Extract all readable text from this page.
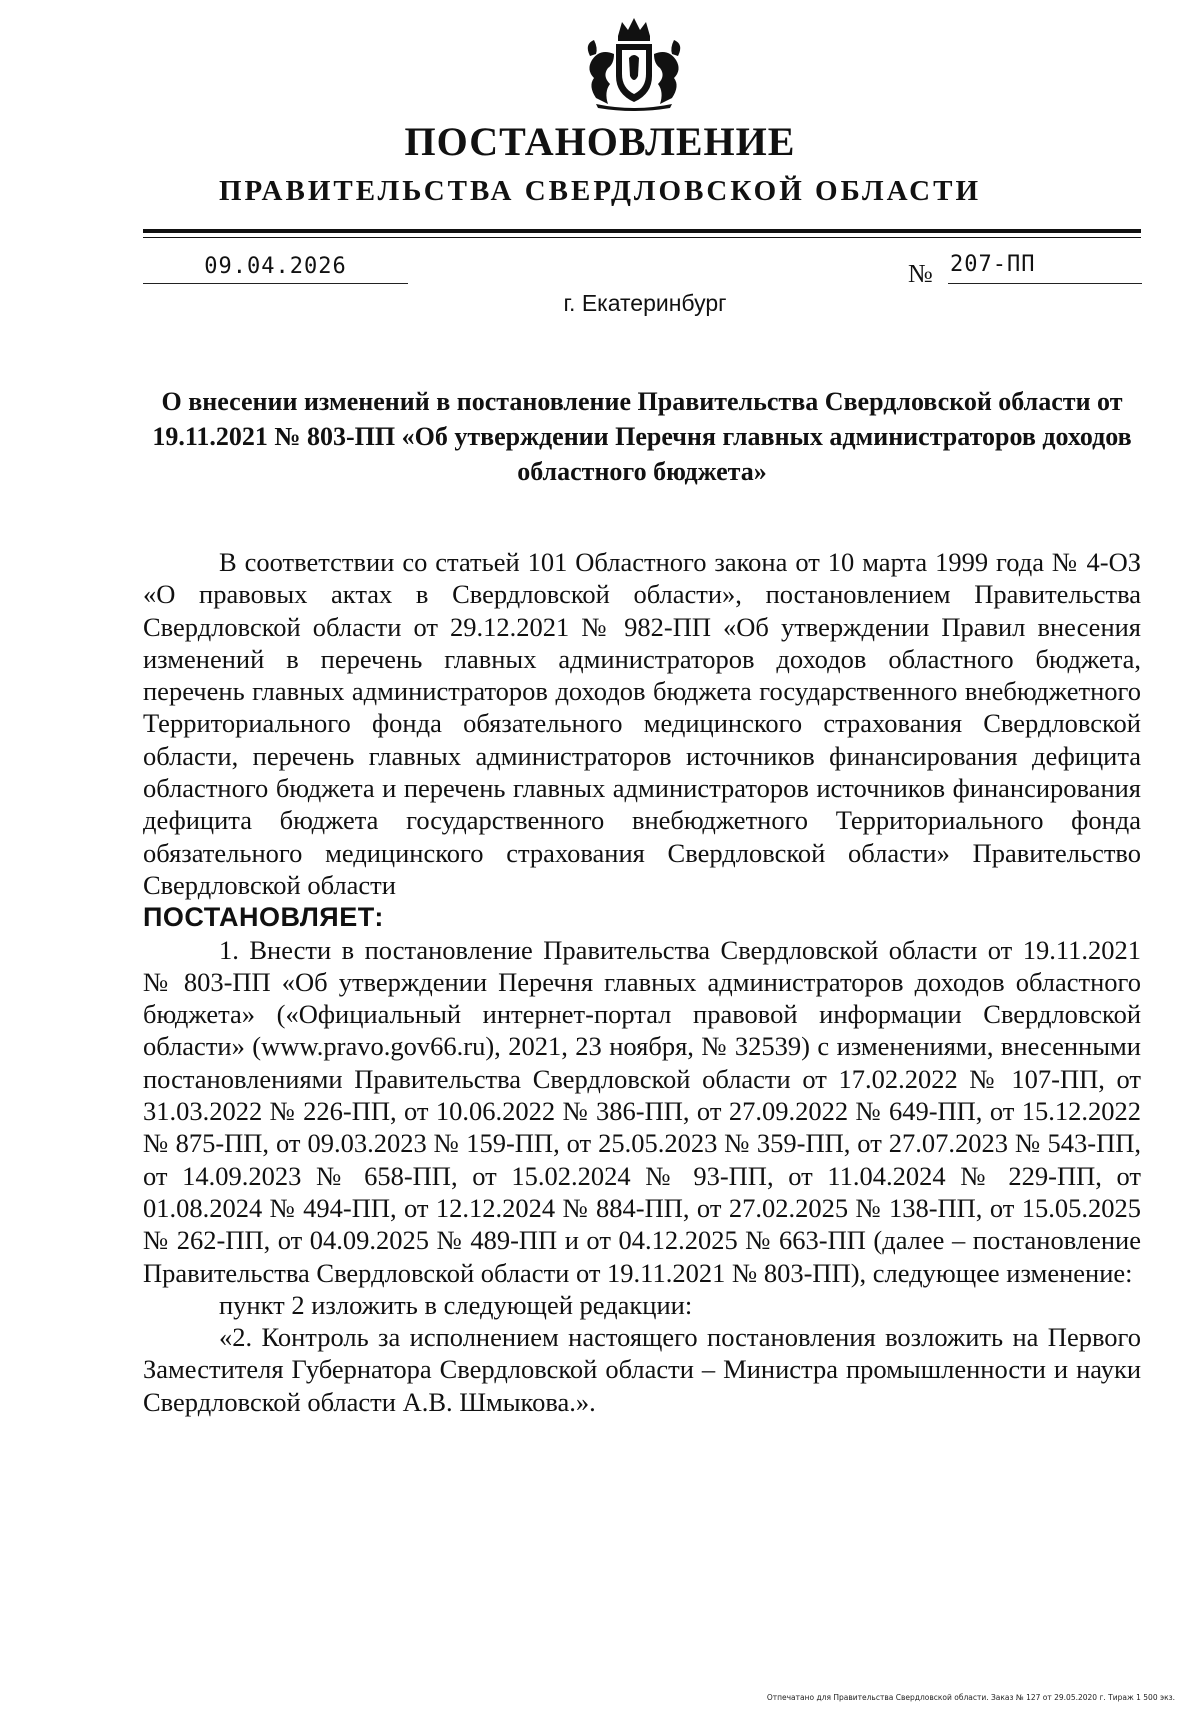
ПОСТАНОВЛЕНИЕ
ПРАВИТЕЛЬСТВА СВЕРДЛОВСКОЙ ОБЛАСТИ
09.04.2026	№ 207-ПП
г. Екатеринбург
О внесении изменений в постановление Правительства Свердловской области от 19.11.2021 № 803-ПП «Об утверждении Перечня главных администраторов доходов областного бюджета»

В соответствии со статьей 101 Областного закона от 10 марта 1999 года № 4-ОЗ «О правовых актах в Свердловской области», постановлением Правительства Свердловской области от 29.12.2021 № 982-ПП «Об утверждении Правил внесения изменений в перечень главных администраторов доходов областного бюджета, перечень главных администраторов доходов бюджета государственного внебюджетного Территориального фонда обязательного медицинского страхования Свердловской области, перечень главных администраторов источников финансирования дефицита областного бюджета и перечень главных администраторов источников финансирования дефицита бюджета государственного внебюджетного Территориального фонда обязательного медицинского страхования Свердловской области» Правительство Свердловской области

ПОСТАНОВЛЯЕТ:

1. Внести в постановление Правительства Свердловской области от 19.11.2021 № 803-ПП «Об утверждении Перечня главных администраторов доходов областного бюджета» («Официальный интернет-портал правовой информации Свердловской области» (www.pravo.gov66.ru), 2021, 23 ноября, № 32539) с изменениями, внесенными постановлениями Правительства Свердловской области от 17.02.2022 № 107-ПП, от 31.03.2022 № 226-ПП, от 10.06.2022 № 386-ПП, от 27.09.2022 № 649-ПП, от 15.12.2022 № 875-ПП, от 09.03.2023 № 159-ПП, от 25.05.2023 № 359-ПП, от 27.07.2023 № 543-ПП, от 14.09.2023 № 658-ПП, от 15.02.2024 № 93-ПП, от 11.04.2024 № 229-ПП, от 01.08.2024 № 494-ПП, от 12.12.2024 № 884-ПП, от 27.02.2025 № 138-ПП, от 15.05.2025 № 262-ПП, от 04.09.2025 № 489-ПП и от 04.12.2025 № 663-ПП (далее – постановление Правительства Свердловской области от 19.11.2021 № 803-ПП), следующее изменение:

пункт 2 изложить в следующей редакции:

«2. Контроль за исполнением настоящего постановления возложить на Первого Заместителя Губернатора Свердловской области – Министра промышленности и науки Свердловской области А.В. Шмыкова.».

Отпечатано для Правительства Свердловской области. Заказ № 127 от 29.05.2020 г. Тираж 1 500 экз.
